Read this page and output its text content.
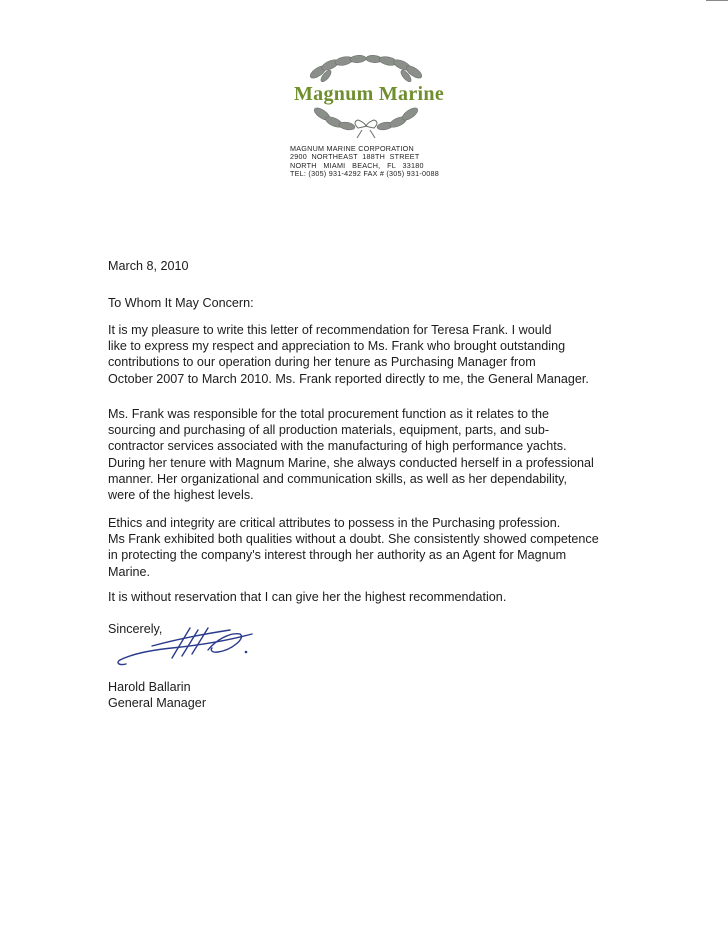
Magnum Marine
MAGNUM MARINE CORPORATION
2900  NORTHEAST  188TH  STREET
NORTH   MIAMI   BEACH,   FL   33180
TEL: (305) 931-4292 FAX # (305) 931-0088
March 8, 2010
To Whom It May Concern:
It is my pleasure to write this letter of recommendation for Teresa Frank. I would
like to express my respect and appreciation to Ms. Frank who brought outstanding
contributions to our operation during her tenure as Purchasing Manager from
October 2007 to March 2010. Ms. Frank reported directly to me, the General Manager.
Ms. Frank was responsible for the total procurement function as it relates to the
sourcing and purchasing of all production materials, equipment, parts, and sub-
contractor services associated with the manufacturing of high performance yachts.
During her tenure with Magnum Marine, she always conducted herself in a professional
manner. Her organizational and communication skills, as well as her dependability,
were of the highest levels.
Ethics and integrity are critical attributes to possess in the Purchasing profession.
Ms Frank exhibited both qualities without a doubt. She consistently showed competence
in protecting the company's interest through her authority as an Agent for Magnum
Marine.
It is without reservation that I can give her the highest recommendation.
Sincerely,
Harold Ballarin
General Manager
